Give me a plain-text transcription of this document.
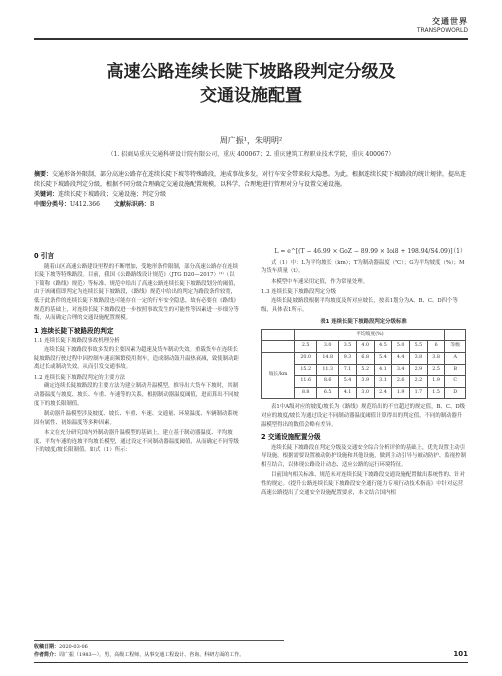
交通世界
TRANSPOWORLD
高速公路连续长陡下坡路段判定分级及
交通设施配置
周广振¹，朱明明²
（1. 招商局重庆交通科研设计院有限公司，重庆 400067；2. 重庆建筑工程职业技术学院，重庆 400067）
摘要：交通形备外限制，部分高速公路存在连续长陡下坡等特殊路段，速成事故多发，对行车安全带来较大隐患。为此，根据连续长陡下坡路段的统计规律，提出连续长陡下坡路段判定分级，根据不同分级合理确定交通设施配置规模，以科学、合理地进行管理对分与设置交通设施。
关键词：连续长陡下坡路段；交通设施；判定分级
中图分类号：U412.366 文献标识码：B
0 引言

随着山区高速公路建设里程的不断增加，受地形条件限制，部分高速公路存在连续长陡下坡等特殊路段。目前，我国《公路路线设计规范》（JTG D20—2017）⁽¹⁾（以下简称《路线》规范）等标准、规范中给出了高速公路连续长陡下坡路段划分的阈值，由于该阈值即判定为连续长陡下坡路段，《路线》规范中给出的判定为路段条件较宽，低于此条件的连续长陡下坡路段也可能存在一定的行车安全隐患，故有必要在《路线》规范的基础上，对连续长陡下坡路段进一步按照事故发生的可能性等因素进一步细分等级，从而确定合理的交通设施配置规模。

1 连续长陡下坡路段的判定
1.1 连续长陡下坡路段事故机理分析

连续长陡下坡路段事故多发的主要因素为超速及货车制动失效。重载货车在连续长陡坡路段行驶过程中因控制车速而频繁使用刹车，造成制动鼓升温热衰减，致使制动距离过长或制动失效，从而引发交通事故。

1.2 连续长陡下坡路段判定的主要方法

确定连续长陡坡路段的主要方法为建立制动升温模型，推导出大货车下坡时，其制动器温度与坡度、坡长、车重、车速等的关系，根据制动器温度阈值，进而算出不同坡度下的坡长限制值。

制动器升温模型涉及坡度、坡长、车重、车速、交通量、环境温度、车辆制动系统固有属性、初始温度等多种因素。

本文在充分研究国内外制动器升温模型的基础上，建立基于制动器温度、平均坡度、平均车速的连坡平均坡长模型，通过设定不同制动器温度阈值，从而确定不同等级下的坡度/坡长限制值。如式（1）所示：

L = e^[(T − 46.99 × GoZ − 89.99 × Ioi8 + 198.94/S4.09)]
（1）

式（1）中：L为平均坡长（km）；T为制动器温度（℃）；G为平均坡度（%）；M为货车质量（t）。

本模型中车速采用定值，作为常量处理。

1.3 连续长陡下坡路段判定分级

连续长陡坡路段根据平均坡度及所对应坡长，按表1划分为A、B、C、D四个等级，具体表1所示。

表1 连续长陡下坡路段判定分级标准
	平均坡度(%)								
	2.5	3.0	3.5	4.0	4.5	5.0	5.5	6	等级
坡长/km	20.0	14.8	9.3	6.8	5.4	4.4	3.8	3.8	A
	15.2	11.3	7.1	5.2	4.1	3.4	2.9	2.5	B
	11.6	8.6	5.4	3.9	3.1	2.6	2.2	1.9	C
	8.8	6.5	4.1	3.0	2.4	1.9	1.7	1.5	D

表1中A级对应的坡度/坡长为《路线》规范给出的不宜超过的规定值，B、C、D级对应的坡度/坡长为通过设定不同制动器温度阈值计算得出的判定值，不同的制动器升温模型得出的数值会略有差异。

2 交通设施配置分级

连续长陡下坡路段在判定分级及交通安全综合分析评价的基础上，优先设置主动引导设施，根据需要设置被动防护设施和其他设施，做到主动引导与被动防护、监视控制相互结合，以体现公路设计动态、适应公路的运行环境特征。

目前国内相关标准、规范未对连续长陡下坡路段交通设施配置做出系统性的、针对性的规定。《提升公路连续长陡下坡路段安全通行能力专项行动技术指南》中针对运营高速公路提出了交通安全设施配置要求，本文结合国内相

收稿日期：2020-03-06
作者简介：周广振（1983—），男，高级工程师，从事交通工程设计、咨询、科研方面的工作。	101
